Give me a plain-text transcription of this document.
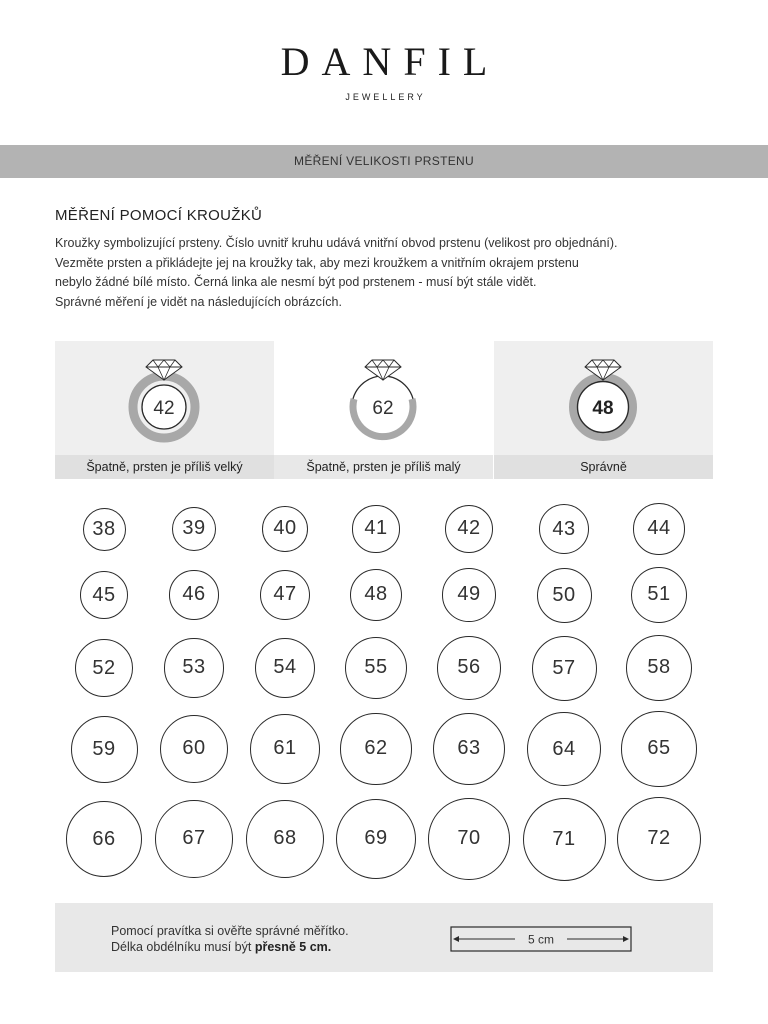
DANFIL
JEWELLERY
MĚŘENÍ VELIKOSTI PRSTENU
MĚŘENÍ POMOCÍ KROUŽKŮ

Kroužky symbolizující prsteny. Číslo uvnitř kruhu udává vnitřní obvod prstenu (velikost pro objednání).

Vezměte prsten a přikládejte jej na kroužky tak, aby mezi kroužkem a vnitřním okrajem prstenu

nebylo žádné bílé místo. Černá linka ale nesmí být pod prstenem - musí být stále vidět.

Správné měření je vidět na následujících obrázcích.

42
Špatně, prsten je příliš velký
62
Špatně, prsten je příliš malý
48
Správně
38	39	40	41	42	43	44
45	46	47	48	49	50	51
52	53	54	55	56	57	58
59	60	61	62	63	64	65
66	67	68	69	70	71	72
Pomocí pravítka si ověřte správné měřítko.
Délka obdélníku musí být přesně 5 cm.
5 cm
